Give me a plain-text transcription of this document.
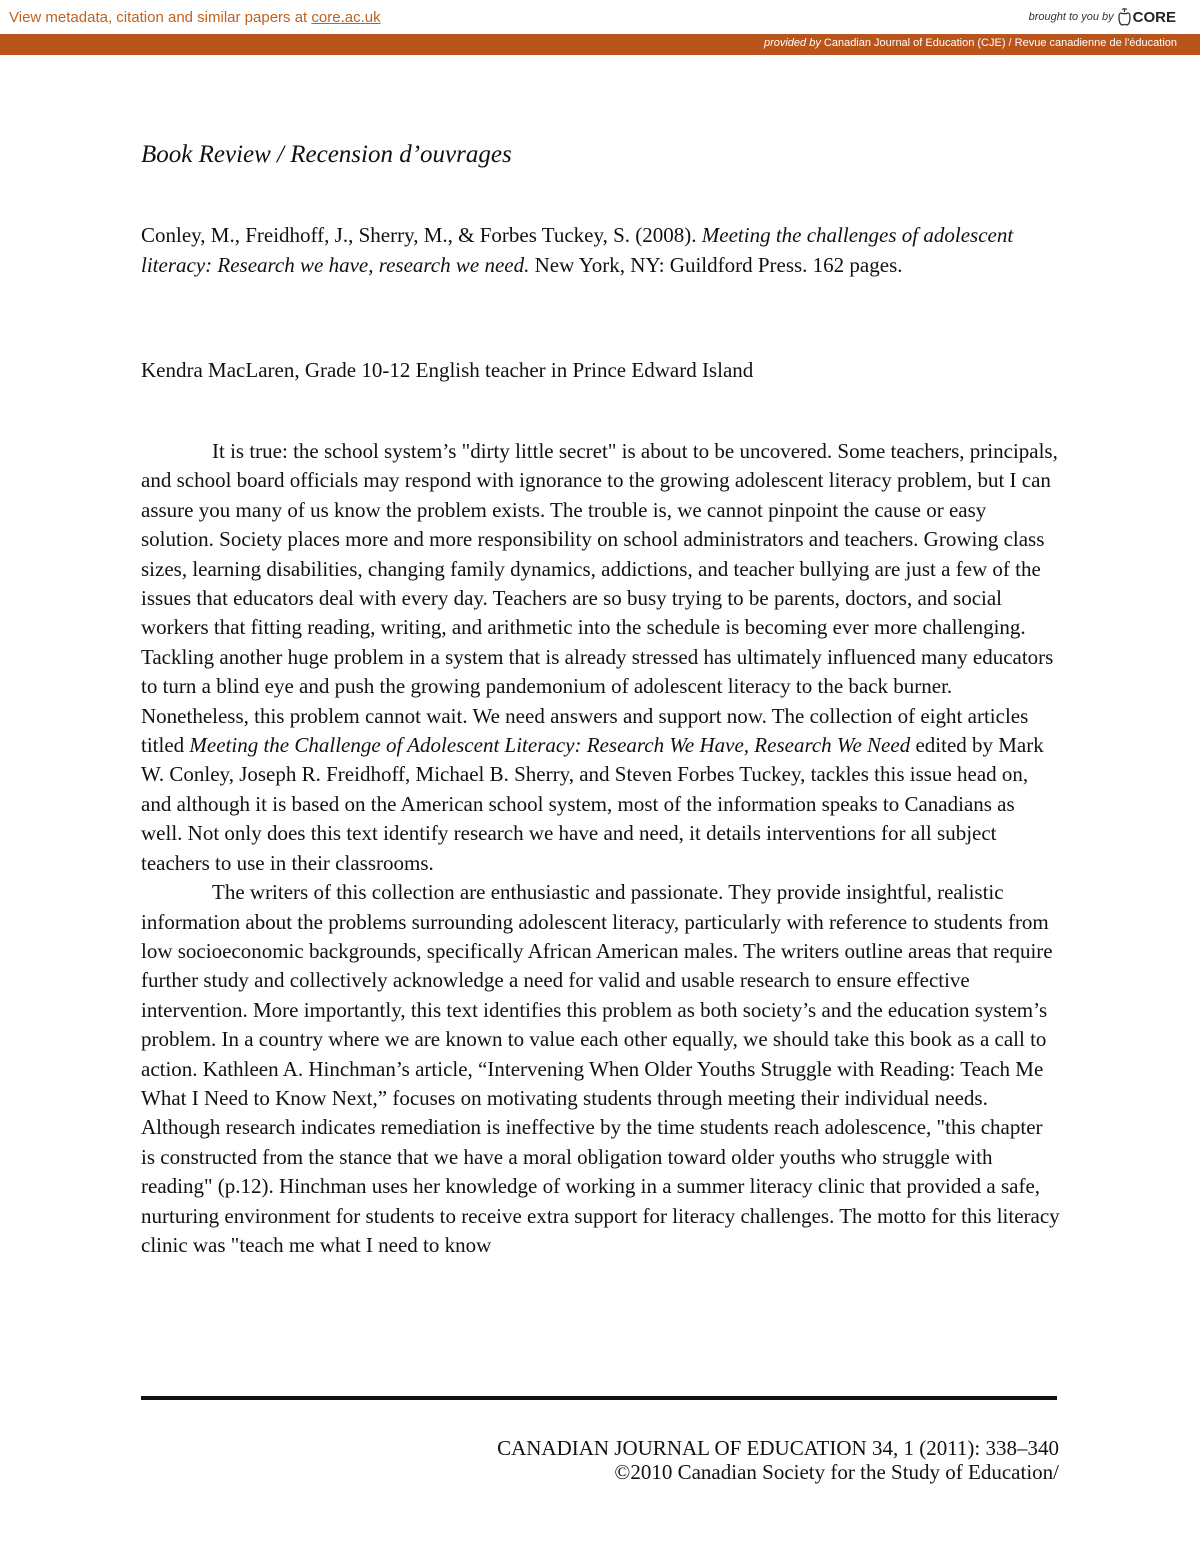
View metadata, citation and similar papers at core.ac.uk	brought to you by CORE
provided by Canadian Journal of Education (CJE) / Revue canadienne de l'éducation
Book Review / Recension d’ouvrages
Conley, M., Freidhoff, J., Sherry, M., & Forbes Tuckey, S. (2008). Meeting the challenges of adolescent literacy: Research we have, research we need. New York, NY: Guildford Press. 162 pages.
Kendra MacLaren, Grade 10-12 English teacher in Prince Edward Island

It is true: the school system’s "dirty little secret" is about to be uncovered. Some teachers, principals, and school board officials may respond with ignorance to the growing adolescent literacy problem, but I can assure you many of us know the problem exists. The trouble is, we cannot pinpoint the cause or easy solution. Society places more and more responsibility on school administrators and teachers. Growing class sizes, learning disabilities, changing family dynamics, addictions, and teacher bullying are just a few of the issues that educators deal with every day. Teachers are so busy trying to be parents, doctors, and social workers that fitting reading, writing, and arithmetic into the schedule is becoming ever more challenging. Tackling another huge problem in a system that is already stressed has ultimately influenced many educators to turn a blind eye and push the growing pandemonium of adolescent literacy to the back burner. Nonetheless, this problem cannot wait. We need answers and support now. The collection of eight articles titled Meeting the Challenge of Adolescent Literacy: Research We Have, Research We Need edited by Mark W. Conley, Joseph R. Freidhoff, Michael B. Sherry, and Steven Forbes Tuckey, tackles this issue head on, and although it is based on the American school system, most of the information speaks to Canadians as well. Not only does this text identify research we have and need, it details interventions for all subject teachers to use in their classrooms.

The writers of this collection are enthusiastic and passionate. They provide insightful, realistic information about the problems surrounding adolescent literacy, particularly with reference to students from low socioeconomic backgrounds, specifically African American males. The writers outline areas that require further study and collectively acknowledge a need for valid and usable research to ensure effective intervention. More importantly, this text identifies this problem as both society’s and the education system’s problem. In a country where we are known to value each other equally, we should take this book as a call to action. Kathleen A. Hinchman’s article, “Intervening When Older Youths Struggle with Reading: Teach Me What I Need to Know Next,” focuses on motivating students through meeting their individual needs. Although research indicates remediation is ineffective by the time students reach adolescence, "this chapter is constructed from the stance that we have a moral obligation toward older youths who struggle with reading" (p.12). Hinchman uses her knowledge of working in a summer literacy clinic that provided a safe, nurturing environment for students to receive extra support for literacy challenges. The motto for this literacy clinic was "teach me what I need to know

CANADIAN JOURNAL OF EDUCATION 34, 1 (2011): 338–340
©2010 Canadian Society for the Study of Education/
